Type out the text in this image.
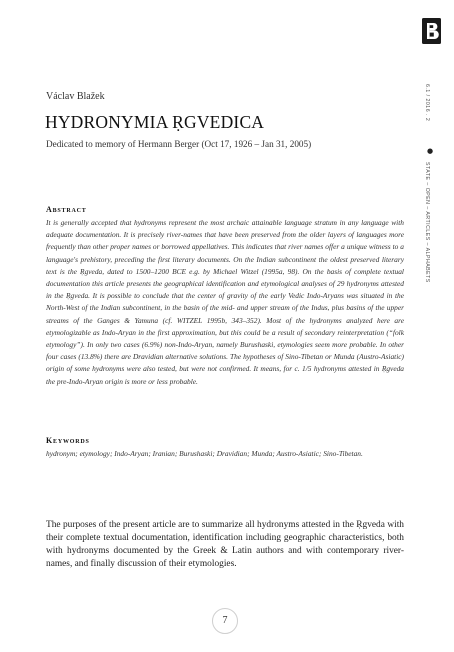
6.1 / 2016 . 2
●
STATE – OPEN – ARTICLES – ALPHABETS
Václav Blažek
HYDRONYMIA ṚGVEDICA
Dedicated to memory of Hermann Berger (Oct 17, 1926 – Jan 31, 2005)
Abstract
It is generally accepted that hydronyms represent the most archaic attainable language stratum in any language with adequate documentation. It is precisely river-names that have been preserved from the older layers of languages more frequently than other proper names or borrowed appellatives. This indicates that river names offer a unique witness to a language's prehistory, preceding the first literary documents. On the Indian subcontinent the oldest preserved literary text is the Ṛgveda, dated to 1500–1200 BCE e.g. by Michael Witzel (1995a, 98). On the basis of complete textual documentation this article presents the geographical identification and etymological analyses of 29 hydronyms attested in the Ṛgveda. It is possible to conclude that the center of gravity of the early Vedic Indo-Aryans was situated in the North-West of the Indian subcontinent, in the basin of the mid- and upper stream of the Indus, plus basins of the upper streams of the Ganges & Yamuna (cf. WITZEL 1995b, 343–352). Most of the hydronyms analyzed here are etymologizable as Indo-Aryan in the first approximation, but this could be a result of secondary reinterpretation (“folk etymology”). In only two cases (6.9%) non-Indo-Aryan, namely Burushaski, etymologies seem more probable. In other four cases (13.8%) there are Dravidian alternative solutions. The hypotheses of Sino-Tibetan or Munda (Austro-Asiatic) origin of some hydronyms were also tested, but were not confirmed. It means, for c. 1/5 hydronyms attested in Ṛgveda the pre-Indo-Aryan origin is more or less probable.
Keywords
hydronym; etymology; Indo-Aryan; Iranian; Burushaski; Dravidian; Munda; Austro-Asiatic; Sino-Tibetan.
The purposes of the present article are to summarize all hydronyms attested in the Ṛgveda with their complete textual documentation, identification including geographic characteristics, both with hydronyms documented by the Greek & Latin authors and with contemporary river-names, and finally discussion of their etymologies.
7
